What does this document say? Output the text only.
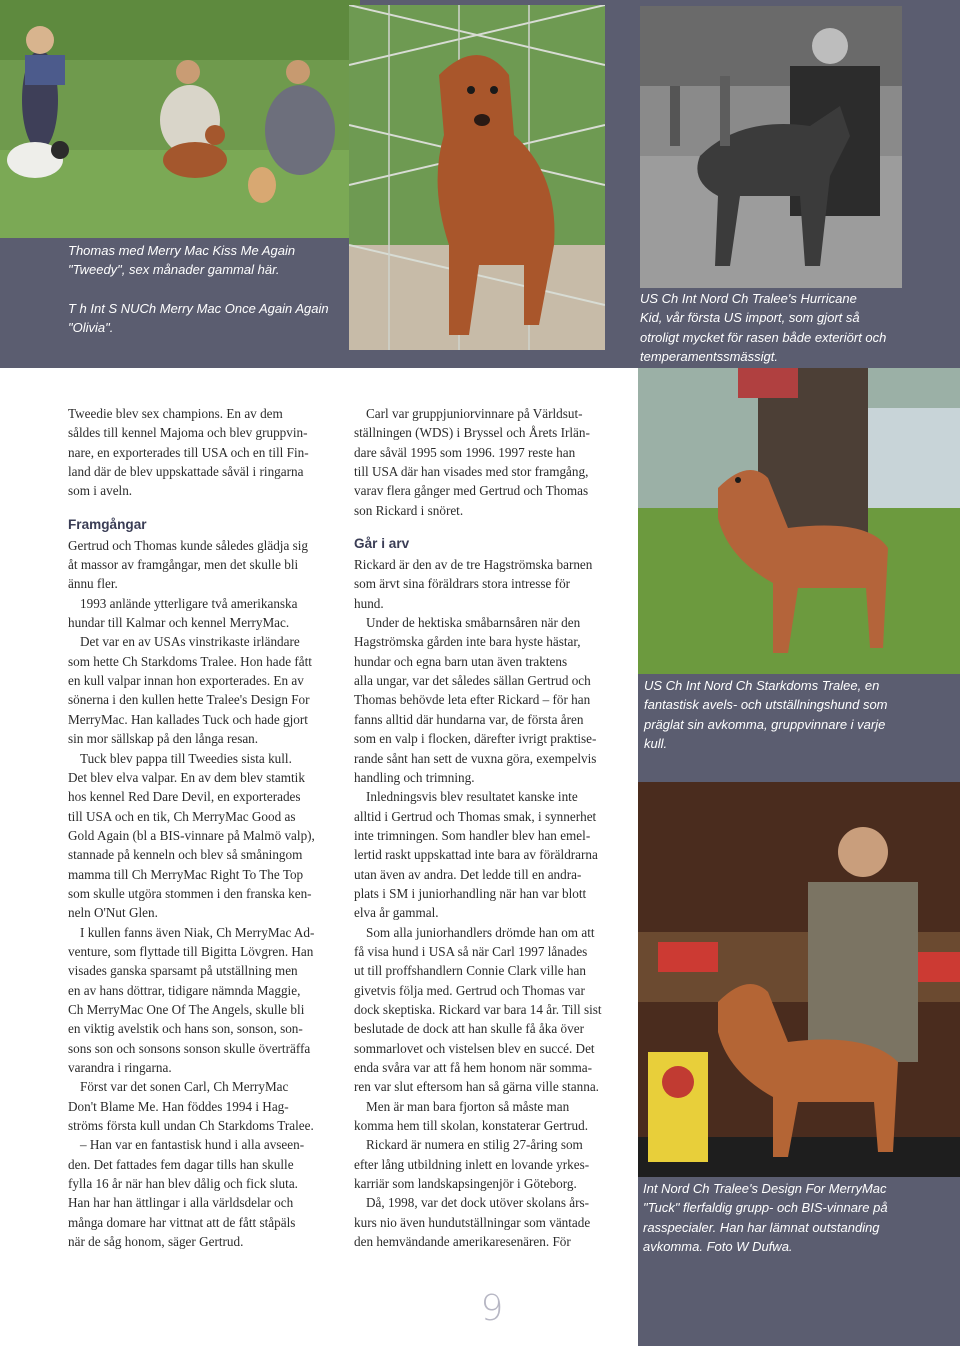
Thomas med Merry Mac Kiss Me Again

"Tweedy", sex månader gammal här.

T h Int S NUCh Merry Mac Once Again Again

"Olivia".

US Ch Int Nord Ch Tralee's Hurricane

Kid, vår första US import, som gjort så

otroligt mycket för rasen både exteriört och

temperamentssmässigt.

US Ch Int Nord Ch Starkdoms Tralee, en

fantastisk avels- och utställningshund som

präglat sin avkomma, gruppvinnare i varje

kull.

Int Nord Ch Tralee's Design For MerryMac

"Tuck" flerfaldig grupp- och BIS-vinnare på

rasspecialer. Han har lämnat outstanding

avkomma. Foto W Dufwa.

Tweedie blev sex champions. En av dem

såldes till kennel Majoma och blev gruppvin-

nare, en exporterades till USA och en till Fin-

land där de blev uppskattade såväl i ringarna

som i aveln.

Framgångar

Gertrud och Thomas kunde således glädja sig

åt massor av framgångar, men det skulle bli

ännu fler.

1993 anlände ytterligare två amerikanska

hundar till Kalmar och kennel MerryMac.

Det var en av USAs vinstrikaste irländare

som hette Ch Starkdoms Tralee. Hon hade fått

en kull valpar innan hon exporterades. En av

sönerna i den kullen hette Tralee's Design For

MerryMac. Han kallades Tuck och hade gjort

sin mor sällskap på den långa resan.

Tuck blev pappa till Tweedies sista kull.

Det blev elva valpar. En av dem blev stamtik

hos kennel Red Dare Devil, en exporterades

till USA och en tik, Ch MerryMac Good as

Gold Again (bl a BIS-vinnare på Malmö valp),

stannade på kenneln och blev så småningom

mamma till Ch MerryMac Right To The Top

som skulle utgöra stommen i den franska ken-

neln O'Nut Glen.

I kullen fanns även Niak, Ch MerryMac Ad-

venture, som flyttade till Bigitta Lövgren. Han

visades ganska sparsamt på utställning men

en av hans döttrar, tidigare nämnda Maggie,

Ch MerryMac One Of The Angels, skulle bli

en viktig avelstik och hans son, sonson, son-

sons son och sonsons sonson skulle överträffa

varandra i ringarna.

Först var det sonen Carl, Ch MerryMac

Don't Blame Me. Han föddes 1994 i Hag-

ströms första kull undan Ch Starkdoms Tralee.

– Han var en fantastisk hund i alla avseen-

den. Det fattades fem dagar tills han skulle

fylla 16 år när han blev dålig och fick sluta.

Han har han ättlingar i alla världsdelar och

många domare har vittnat att de fått ståpäls

när de såg honom, säger Gertrud.

Carl var gruppjuniorvinnare på Världsut-

ställningen (WDS) i Bryssel och Årets Irlän-

dare såväl 1995 som 1996. 1997 reste han

till USA där han visades med stor framgång,

varav flera gånger med Gertrud och Thomas

son Rickard i snöret.

Går i arv

Rickard är den av de tre Hagströmska barnen

som ärvt sina föräldrars stora intresse för

hund.

Under de hektiska småbarnsåren när den

Hagströmska gården inte bara hyste hästar,

hundar och egna barn utan även traktens

alla ungar, var det således sällan Gertrud och

Thomas behövde leta efter Rickard – för han

fanns alltid där hundarna var, de första åren

som en valp i flocken, därefter ivrigt praktise-

rande sånt han sett de vuxna göra, exempelvis

handling och trimning.

Inledningsvis blev resultatet kanske inte

alltid i Gertrud och Thomas smak, i synnerhet

inte trimningen. Som handler blev han emel-

lertid raskt uppskattad inte bara av föräldrarna

utan även av andra. Det ledde till en andra-

plats i SM i juniorhandling när han var blott

elva år gammal.

Som alla juniorhandlers drömde han om att

få visa hund i USA så när Carl 1997 lånades

ut till proffshandlern Connie Clark ville han

givetvis följa med. Gertrud och Thomas var

dock skeptiska. Rickard var bara 14 år. Till sist

beslutade de dock att han skulle få åka över

sommarlovet och vistelsen blev en succé. Det

enda svåra var att få hem honom när somma-

ren var slut eftersom han så gärna ville stanna.

Men är man bara fjorton så måste man

komma hem till skolan, konstaterar Gertrud.

Rickard är numera en stilig 27-åring som

efter lång utbildning inlett en lovande yrkes-

karriär som landskapsingenjör i Göteborg.

Då, 1998, var det dock utöver skolans års-

kurs nio även hundutställningar som väntade

den hemvändande amerikaresenären. För

9
